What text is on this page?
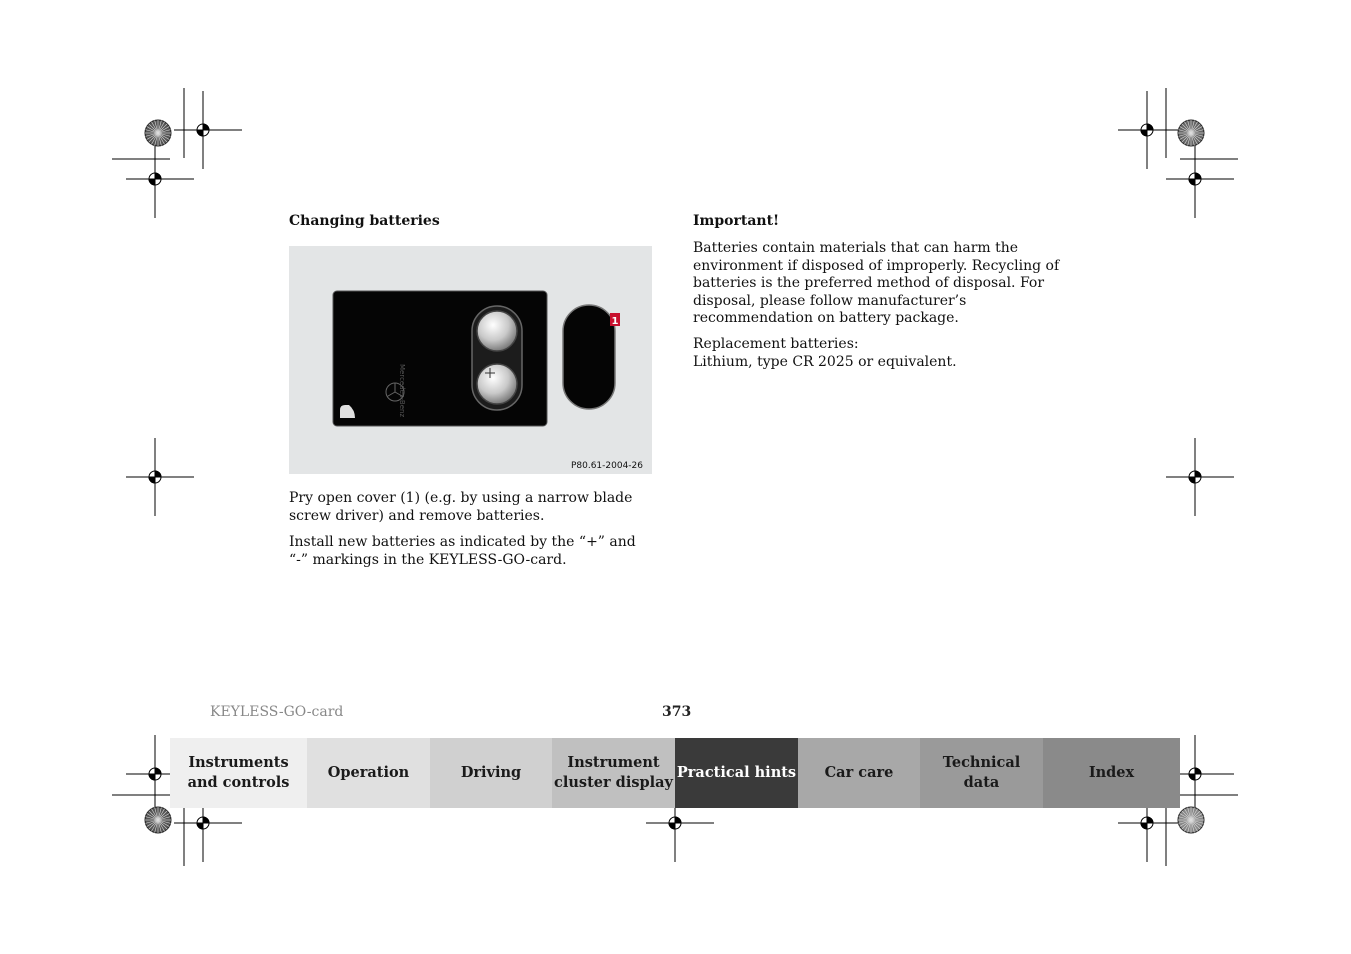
Changing batteries
Mercedes-Benz
1
P80.61-2004-26

Pry open cover (1) (e.g. by using a narrow blade screw driver) and remove batteries.

Install new batteries as indicated by the “+” and “-” markings in the KEYLESS-GO-card.

Important!

Batteries contain materials that can harm the environment if disposed of improperly. Recycling of batteries is the preferred method of disposal. For disposal, please follow manufacturer’s recommendation on battery package.

Replacement batteries:
Lithium, type CR 2025 or equivalent.

KEYLESS-GO-card	373
Instruments
and controls
Operation	Driving
Instrument
cluster display
Practical hints	Car care
Technical
data
Index
